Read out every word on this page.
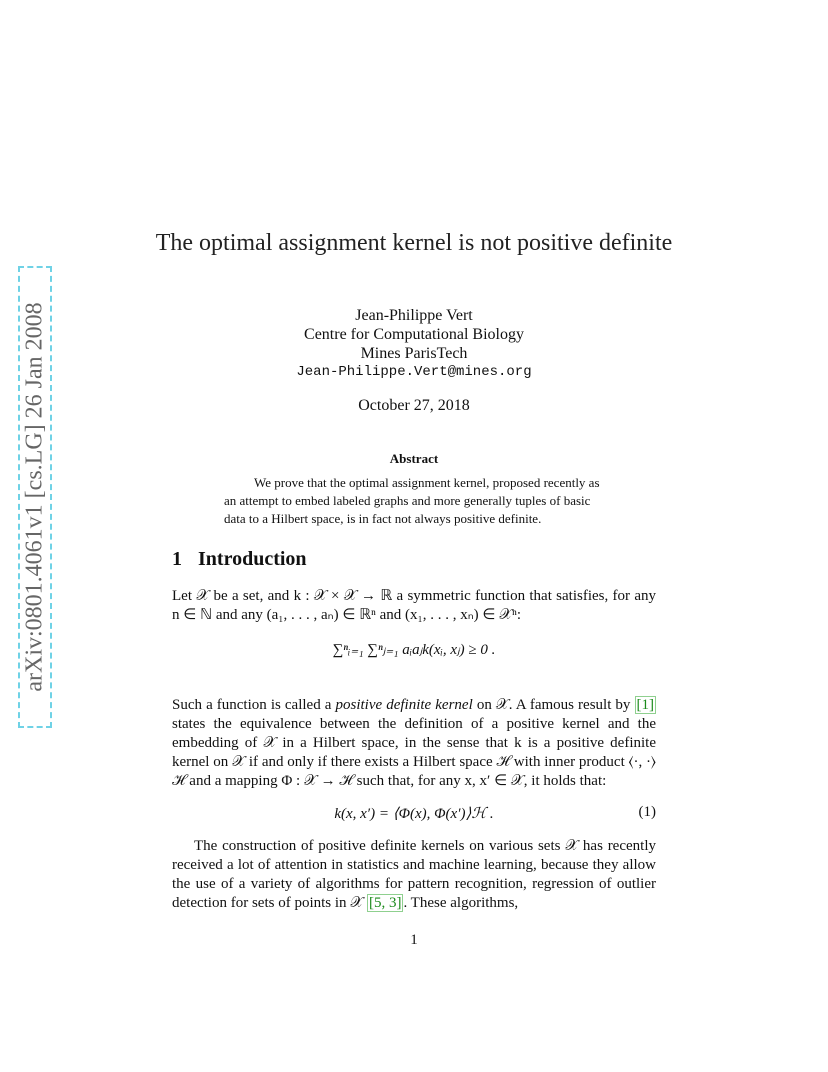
arXiv:0801.4061v1 [cs.LG] 26 Jan 2008
The optimal assignment kernel is not positive definite
Jean-Philippe Vert
Centre for Computational Biology
Mines ParisTech
Jean-Philippe.Vert@mines.org
October 27, 2018
Abstract
We prove that the optimal assignment kernel, proposed recently as an attempt to embed labeled graphs and more generally tuples of basic data to a Hilbert space, is in fact not always positive definite.
1 Introduction
Let 𝒳 be a set, and k : 𝒳 × 𝒳 → ℝ a symmetric function that satisfies, for any n ∈ ℕ and any (a₁, . . . , aₙ) ∈ ℝⁿ and (x₁, . . . , xₙ) ∈ 𝒳ⁿ:
∑ⁿᵢ₌₁ ∑ⁿⱼ₌₁ aᵢaⱼk(xᵢ, xⱼ) ≥ 0 .
Such a function is called a positive definite kernel on 𝒳. A famous result by [1] states the equivalence between the definition of a positive kernel and the embedding of 𝒳 in a Hilbert space, in the sense that k is a positive definite kernel on 𝒳 if and only if there exists a Hilbert space ℋ with inner product ⟨·, ·⟩ℋ and a mapping Φ : 𝒳 → ℋ such that, for any x, x′ ∈ 𝒳, it holds that:
k(x, x′) = ⟨Φ(x), Φ(x′)⟩ℋ .	(1)
The construction of positive definite kernels on various sets 𝒳 has recently received a lot of attention in statistics and machine learning, because they allow the use of a variety of algorithms for pattern recognition, regression of outlier detection for sets of points in 𝒳 [5, 3] . These algorithms,
1
